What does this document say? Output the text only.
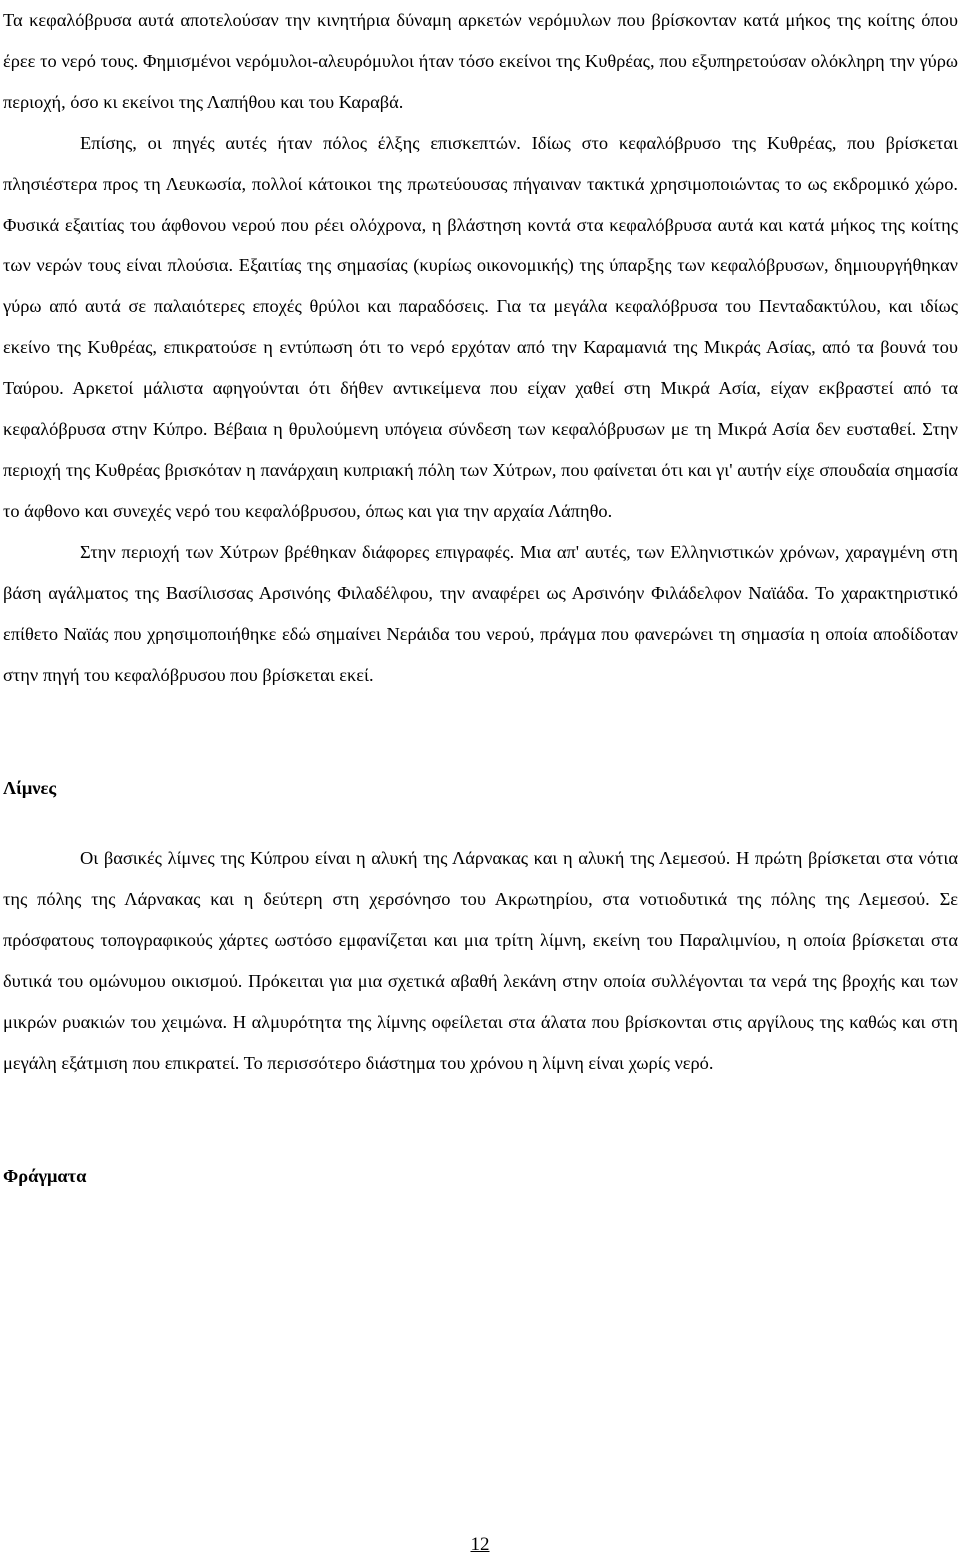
Τα κεφαλόβρυσα αυτά αποτελούσαν την κινητήρια δύναμη αρκετών νερόμυλων που βρίσκονταν κατά μήκος της κοίτης όπου έρεε το νερό τους. Φημισμένοι νερόμυλοι-αλευρόμυλοι ήταν τόσο εκείνοι της Κυθρέας, που εξυπηρετούσαν ολόκληρη την γύρω περιοχή, όσο κι εκείνοι της Λαπήθου και του Καραβά.

Επίσης, οι πηγές αυτές ήταν πόλος έλξης επισκεπτών. Ιδίως στο κεφαλόβρυσο της Κυθρέας, που βρίσκεται πλησιέστερα προς τη Λευκωσία, πολλοί κάτοικοι της πρωτεύουσας πήγαιναν τακτικά χρησιμοποιώντας το ως εκδρομικό χώρο. Φυσικά εξαιτίας του άφθονου νερού που ρέει ολόχρονα, η βλάστηση κοντά στα κεφαλόβρυσα αυτά και κατά μήκος της κοίτης των νερών τους είναι πλούσια. Εξαιτίας της σημασίας (κυρίως οικονομικής) της ύπαρξης των κεφαλόβρυσων, δημιουργήθηκαν γύρω από αυτά σε παλαιότερες εποχές θρύλοι και παραδόσεις. Για τα μεγάλα κεφαλόβρυσα του Πενταδακτύλου, και ιδίως εκείνο της Κυθρέας, επικρατούσε η εντύπωση ότι το νερό ερχόταν από την Καραμανιά της Μικράς Ασίας, από τα βουνά του Ταύρου. Αρκετοί μάλιστα αφηγούνται ότι δήθεν αντικείμενα που είχαν χαθεί στη Μικρά Ασία, είχαν εκβραστεί από τα κεφαλόβρυσα στην Κύπρο. Βέβαια η θρυλούμενη υπόγεια σύνδεση των κεφαλόβρυσων με τη Μικρά Ασία δεν ευσταθεί. Στην περιοχή της Κυθρέας βρισκόταν η πανάρχαιη κυπριακή πόλη των Χύτρων, που φαίνεται ότι και γι' αυτήν είχε σπουδαία σημασία το άφθονο και συνεχές νερό του κεφαλόβρυσου, όπως και για την αρχαία Λάπηθο.

Στην περιοχή των Χύτρων βρέθηκαν διάφορες επιγραφές. Μια απ' αυτές, των Ελληνιστικών χρόνων, χαραγμένη στη βάση αγάλματος της Βασίλισσας Αρσινόης Φιλαδέλφου, την αναφέρει ως Αρσινόην Φιλάδελφον Ναϊάδα. Το χαρακτηριστικό επίθετο Ναϊάς που χρησιμοποιήθηκε εδώ σημαίνει Νεράιδα του νερού, πράγμα που φανερώνει τη σημασία η οποία αποδίδοταν στην πηγή του κεφαλόβρυσου που βρίσκεται εκεί.

Λίμνες

Οι βασικές λίμνες της Κύπρου είναι η αλυκή της Λάρνακας και η αλυκή της Λεμεσού. Η πρώτη βρίσκεται στα νότια της πόλης της Λάρνακας και η δεύτερη στη χερσόνησο του Ακρωτηρίου, στα νοτιοδυτικά της πόλης της Λεμεσού. Σε πρόσφατους τοπογραφικούς χάρτες ωστόσο εμφανίζεται και μια τρίτη λίμνη, εκείνη του Παραλιμνίου, η οποία βρίσκεται στα δυτικά του ομώνυμου οικισμού. Πρόκειται για μια σχετικά αβαθή λεκάνη στην οποία συλλέγονται τα νερά της βροχής και των μικρών ρυακιών του χειμώνα. Η αλμυρότητα της λίμνης οφείλεται στα άλατα που βρίσκονται στις αργίλους της καθώς και στη μεγάλη εξάτμιση που επικρατεί. Το περισσότερο διάστημα του χρόνου η λίμνη είναι χωρίς νερό.

Φράγματα

12
